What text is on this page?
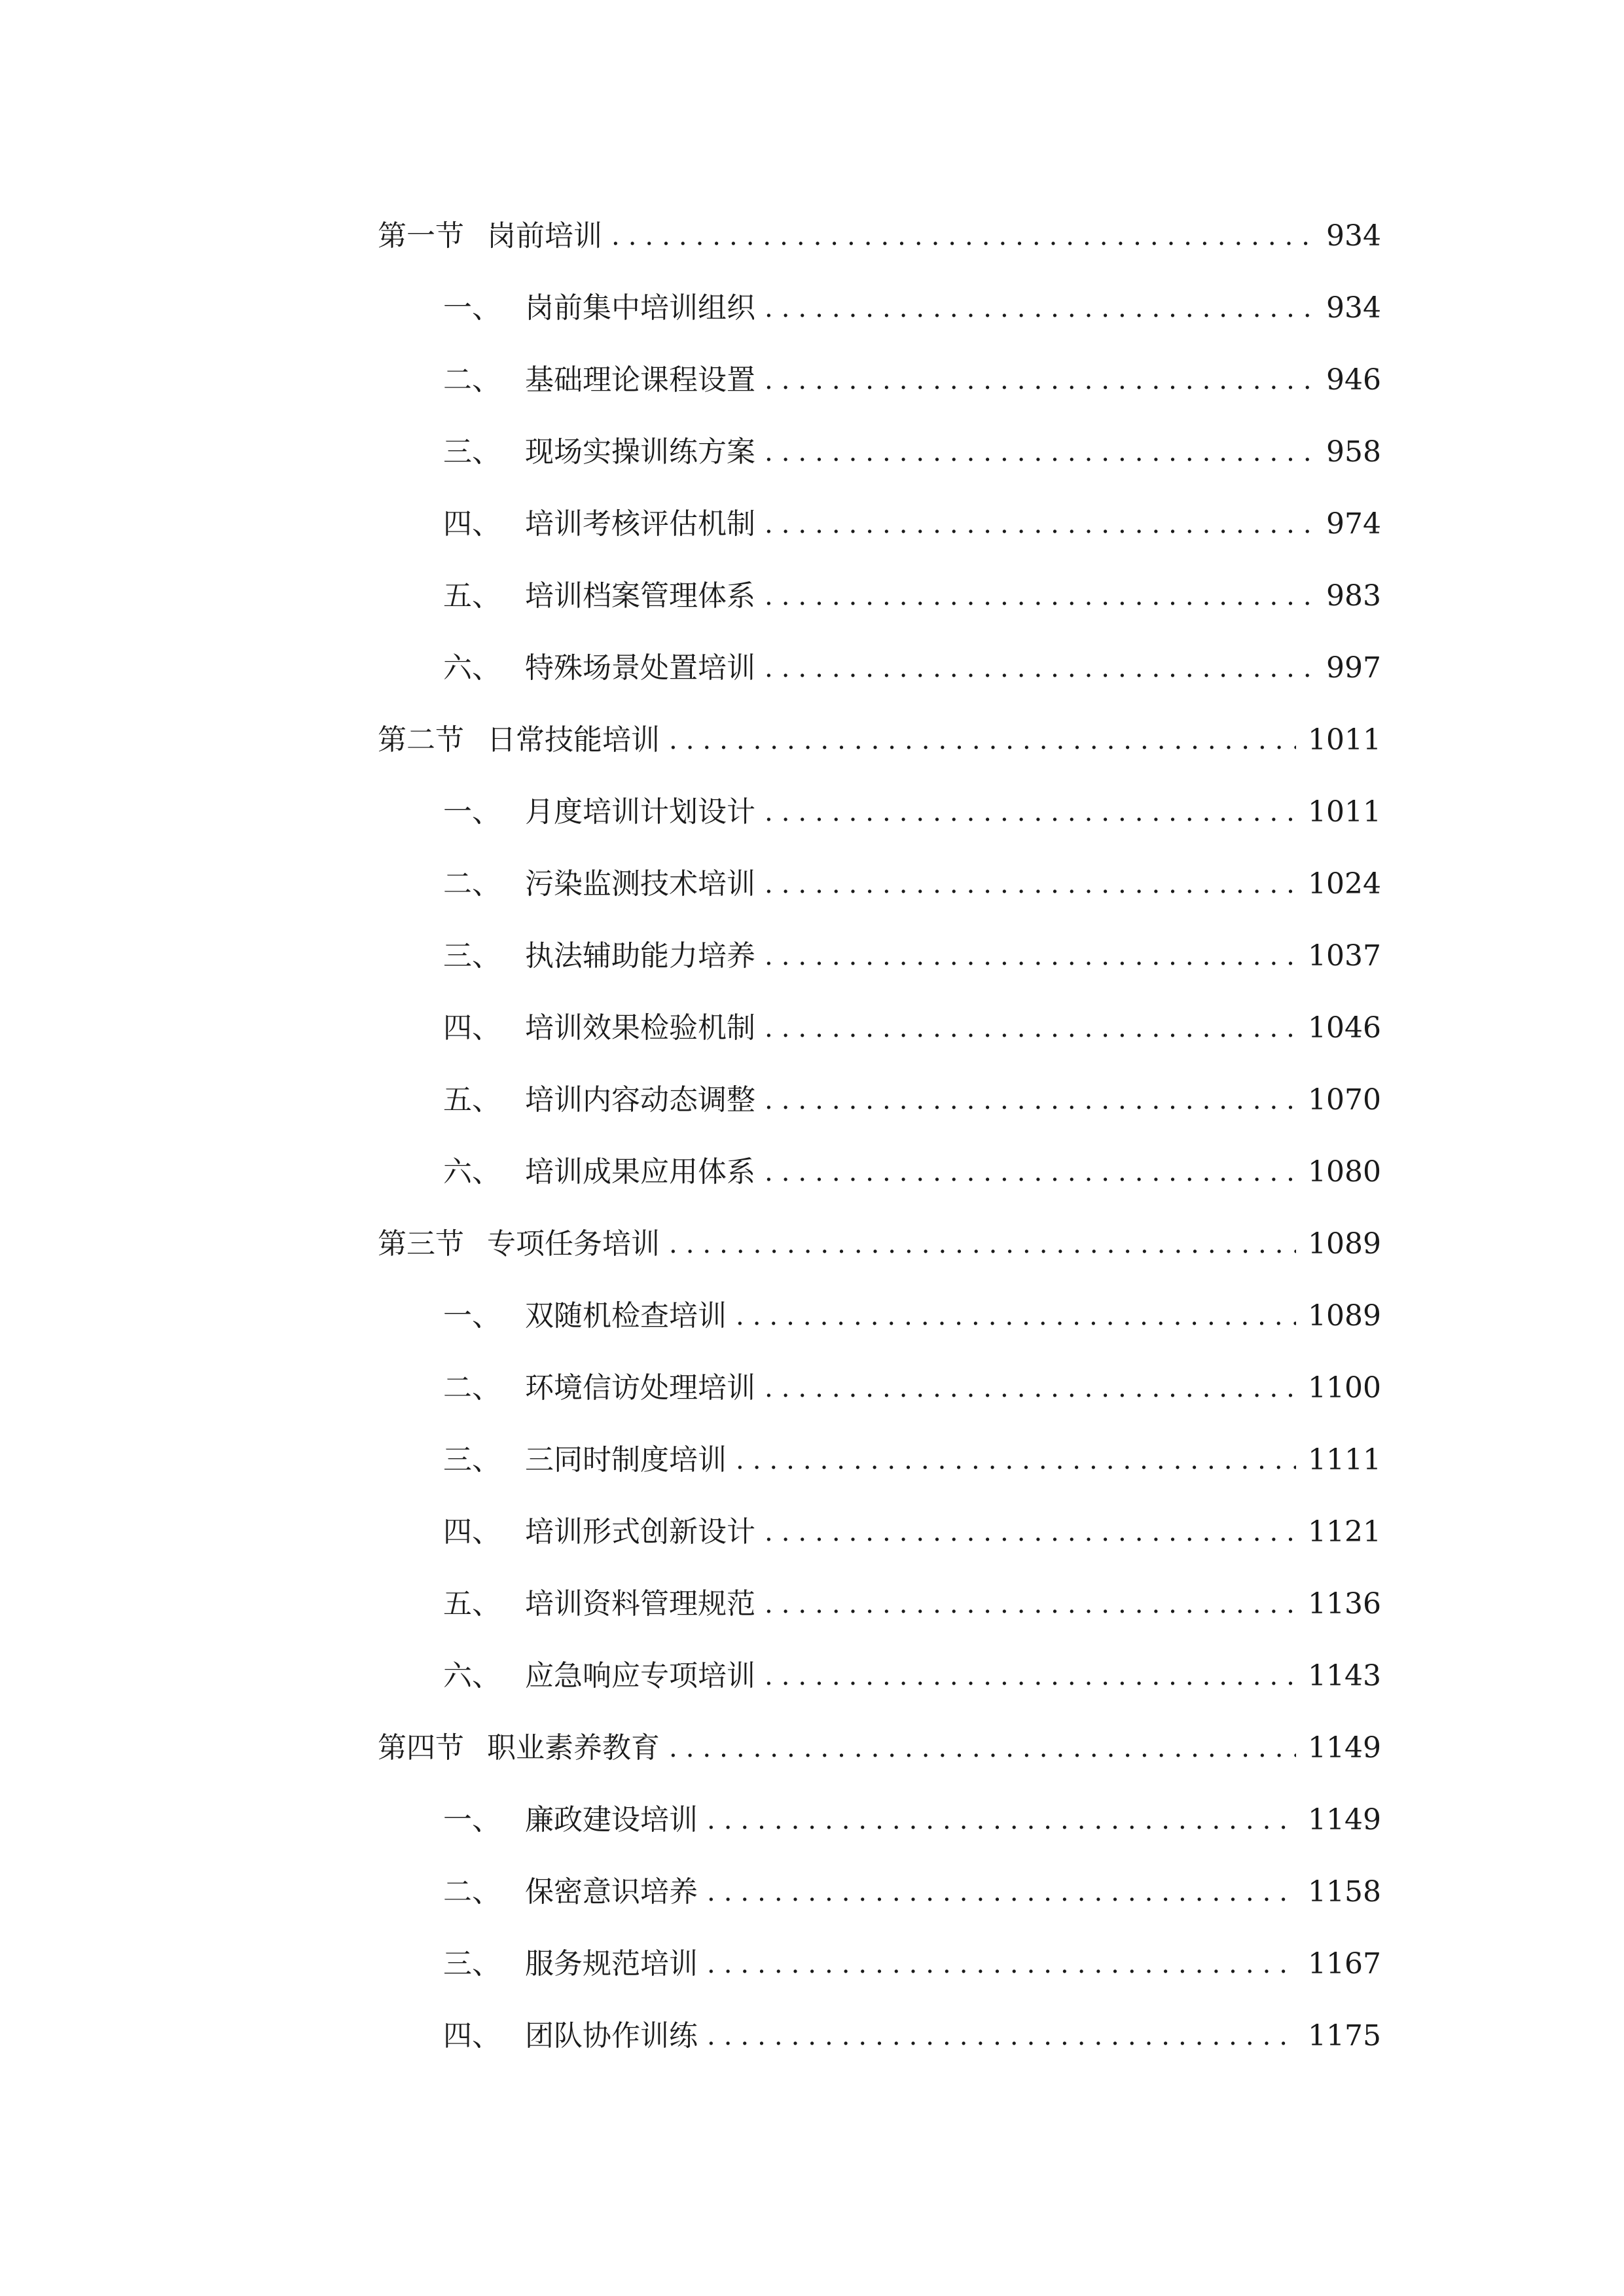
第一节 岗前培训 .....	934
一、 岗前集中培训组织 .....	934
二、 基础理论课程设置 .....	946
三、 现场实操训练方案 .....	958
四、 培训考核评估机制 .....	974
五、 培训档案管理体系 .....	983
六、 特殊场景处置培训 .....	997
第二节 日常技能培训 .....	1011
一、 月度培训计划设计 .....	1011
二、 污染监测技术培训 .....	1024
三、 执法辅助能力培养 .....	1037
四、 培训效果检验机制 .....	1046
五、 培训内容动态调整 .....	1070
六、 培训成果应用体系 .....	1080
第三节 专项任务培训 .....	1089
一、 双随机检查培训 .....	1089
二、 环境信访处理培训 .....	1100
三、 三同时制度培训 .....	1111
四、 培训形式创新设计 .....	1121
五、 培训资料管理规范 .....	1136
六、 应急响应专项培训 .....	1143
第四节 职业素养教育 .....	1149
一、 廉政建设培训 .....	1149
二、 保密意识培养 .....	1158
三、 服务规范培训 .....	1167
四、 团队协作训练 .....	1175
